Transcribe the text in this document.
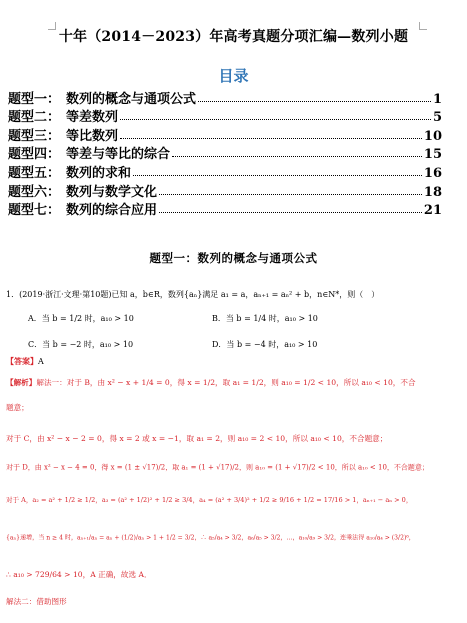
十年（2014－2023）年高考真题分项汇编—数列小题
目录
题型一： 数列的概念与通项公式	1
题型二： 等差数列	5
题型三： 等比数列	10
题型四： 等差与等比的综合	15
题型五： 数列的求和	16
题型六： 数列与数学文化	18
题型七： 数列的综合应用	21
题型一：数列的概念与通项公式
1．(2019·浙江·文理·第10题)已知 a，b∈R，数列{aₙ}满足 a₁ = a，aₙ₊₁ = aₙ² + b，n∈N*，则（　）
A．当 b = 1/2 时，a₁₀ > 10	B．当 b = 1/4 时，a₁₀ > 10
C．当 b = −2 时，a₁₀ > 10	D．当 b = −4 时，a₁₀ > 10
【答案】A
【解析】解法一：对于 B，由 x² − x + 1/4 = 0，得 x = 1/2，取 a₁ = 1/2，则 a₁₀ = 1/2 < 10，所以 a₁₀ < 10，不合
题意；
对于 C，由 x² − x − 2 = 0，得 x = 2 或 x = −1，取 a₁ = 2，则 a₁₀ = 2 < 10，所以 a₁₀ < 10，不合题意；
对于 D，由 x² − x − 4 = 0，得 x = (1 ± √17)/2，取 a₁ = (1 + √17)/2，则 a₁₀ = (1 + √17)/2 < 10，所以 a₁₀ < 10，不合题意；
对于 A，a₂ = a² + 1/2 ≥ 1/2，a₃ = (a² + 1/2)² + 1/2 ≥ 3/4，a₄ = (a² + 3/4)² + 1/2 ≥ 9/16 + 1/2 = 17/16 > 1，aₙ₊₁ − aₙ > 0，
{aₙ}递增，当 n ≥ 4 时，aₙ₊₁/aₙ = aₙ + (1/2)/aₙ > 1 + 1/2 = 3/2，∴ a₅/a₄ > 3/2，a₆/a₅ > 3/2，…，a₁₀/a₉ > 3/2，连乘法得 a₁₀/a₄ > (3/2)⁶，
∴ a₁₀ > 729/64 > 10，A 正确，故选 A．
解法二：借助图形
